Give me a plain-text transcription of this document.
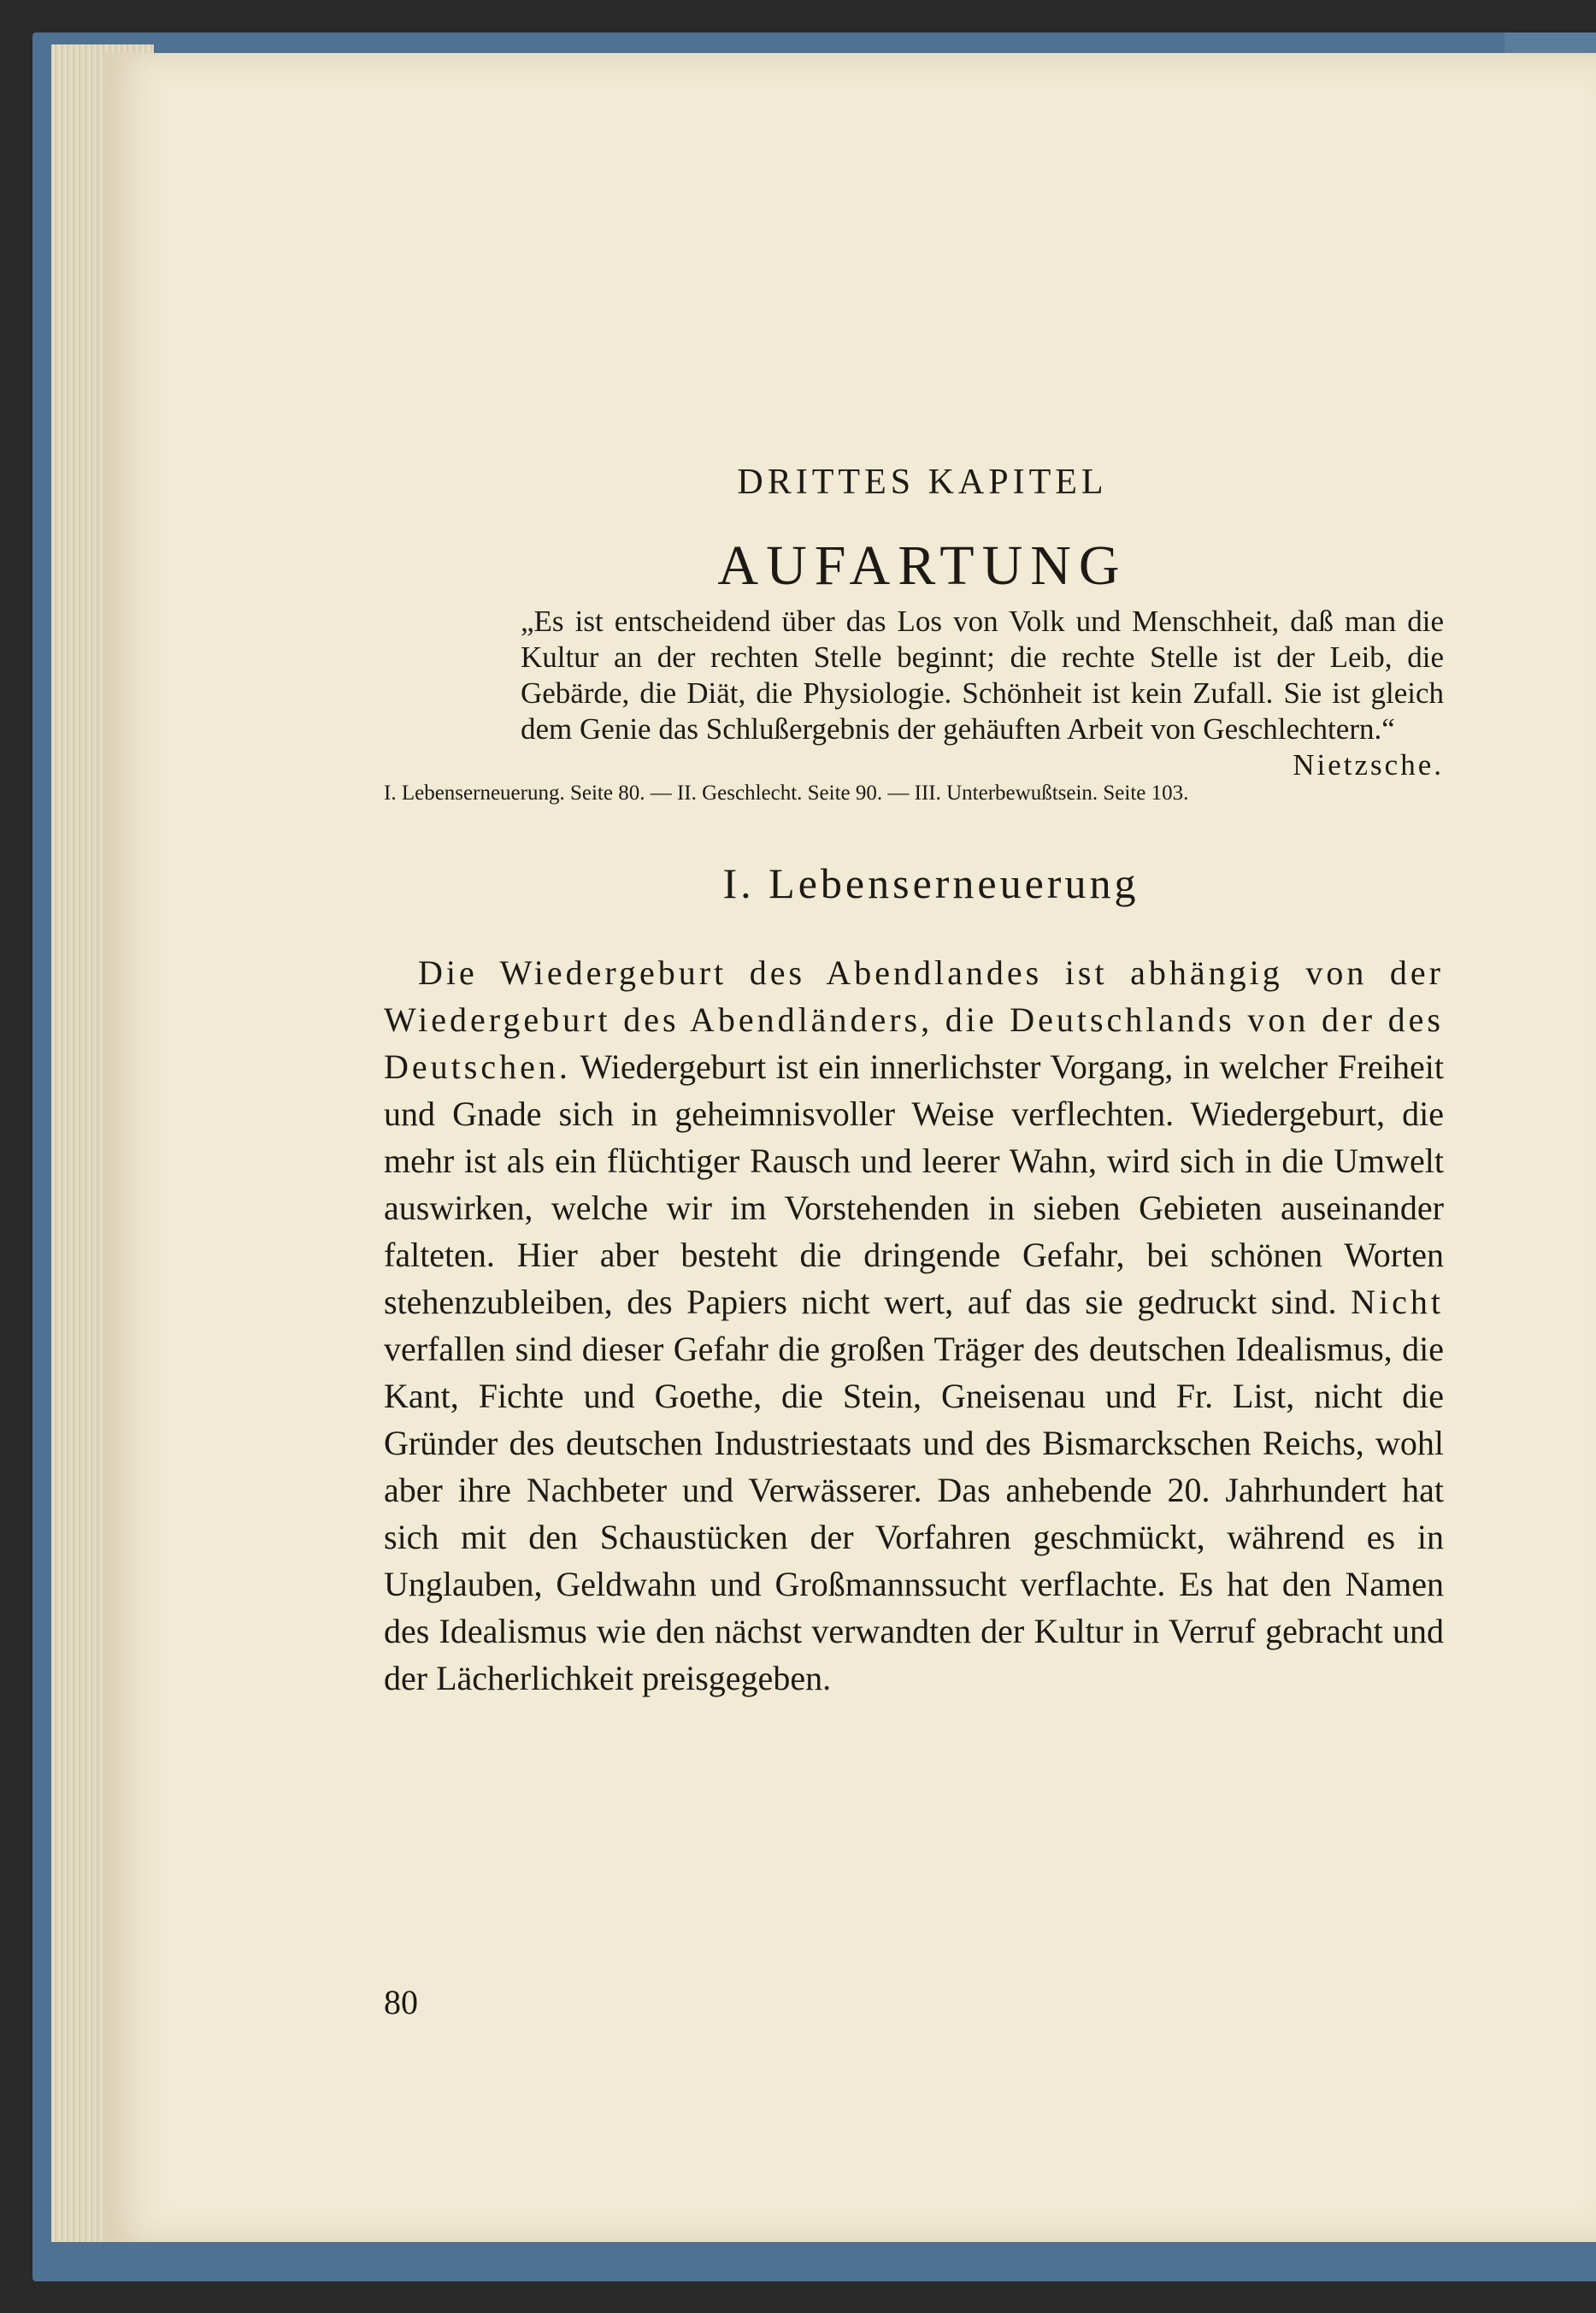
DRITTES KAPITEL
AUFARTUNG
„Es ist entscheidend über das Los von Volk und Menschheit, daß man die Kultur an der rechten Stelle beginnt; die rechte Stelle ist der Leib, die Gebärde, die Diät, die Physiologie. Schönheit ist kein Zufall. Sie ist gleich dem Genie das Schlußergebnis der gehäuften Arbeit von Geschlechtern.“
Nietzsche.
I. Lebenserneuerung. Seite 80. — II. Geschlecht. Seite 90. — III. Unterbewußtsein. Seite 103.
I. Lebenserneuerung
Die Wiedergeburt des Abendlandes ist abhängig von der Wiedergeburt des Abendländers, die Deutschlands von der des Deutschen. Wiedergeburt ist ein innerlichster Vorgang, in welcher Freiheit und Gnade sich in geheimnisvoller Weise verflechten. Wiedergeburt, die mehr ist als ein flüchtiger Rausch und leerer Wahn, wird sich in die Umwelt auswirken, welche wir im Vorstehenden in sieben Gebieten auseinander falteten. Hier aber besteht die dringende Gefahr, bei schönen Worten stehenzubleiben, des Papiers nicht wert, auf das sie gedruckt sind. Nicht verfallen sind dieser Gefahr die großen Träger des deutschen Idealismus, die Kant, Fichte und Goethe, die Stein, Gneisenau und Fr. List, nicht die Gründer des deutschen Industriestaats und des Bismarckschen Reichs, wohl aber ihre Nachbeter und Verwässerer. Das anhebende 20. Jahrhundert hat sich mit den Schaustücken der Vorfahren geschmückt, während es in Unglauben, Geldwahn und Großmannssucht verflachte. Es hat den Namen des Idealismus wie den nächst verwandten der Kultur in Verruf gebracht und der Lächerlichkeit preisgegeben.
80
